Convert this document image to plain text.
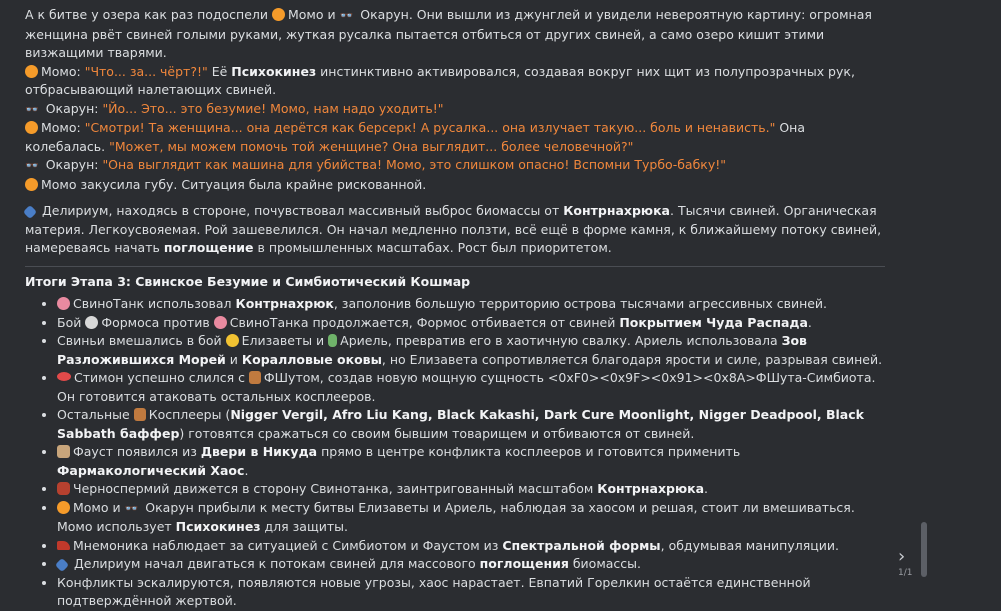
А к битве у озера как раз подоспели Момо и 👓 Окарун. Они вышли из джунглей и увидели невероятную картину: огромная женщина рвёт свиней голыми руками, жуткая русалка пытается отбиться от других свиней, а само озеро кишит этими визжащими тварями.

Момо: "Что... за... чёрт?!" Её Психокинез инстинктивно активировался, создавая вокруг них щит из полупрозрачных рук, отбрасывающий налетающих свиней.

👓 Окарун: "Йо... Это... это безумие! Момо, нам надо уходить!"

Момо: "Смотри! Та женщина... она дерётся как берсерк! А русалка... она излучает такую... боль и ненависть." Она колебалась. "Может, мы можем помочь той женщине? Она выглядит... более человечной?"

👓 Окарун: "Она выглядит как машина для убийства! Момо, это слишком опасно! Вспомни Турбо-бабку!"

Момо закусила губу. Ситуация была крайне рискованной.

Делириум, находясь в стороне, почувствовал массивный выброс биомассы от Контрнахрюка. Тысячи свиней. Органическая материя. Легкоусвояемая. Рой зашевелился. Он начал медленно ползти, всё ещё в форме камня, к ближайшему потоку свиней, намереваясь начать поглощение в промышленных масштабах. Рост был приоритетом.

Итоги Этапа 3: Свинское Безумие и Симбиотический Кошмар
• СвиноТанк использовал Контрнахрюк, заполонив большую территорию острова тысячами агрессивных свиней.
• Бой Формоса против СвиноТанка продолжается, Формос отбивается от свиней Покрытием Чуда Распада.
• Свиньи вмешались в бой Елизаветы и Ариель, превратив его в хаотичную свалку. Ариель использовала Зов Разложившихся Морей и Коралловые оковы, но Елизавета сопротивляется благодаря ярости и силе, разрывая свиней.
• Стимон успешно слился с ФШутом, создав новую мощную сущность <0xF0><0x9F><0x91><0x8A>ФШута-Симбиота. Он готовится атаковать остальных косплееров.
• Остальные Косплееры (Nigger Vergil, Afro Liu Kang, Black Kakashi, Dark Cure Moonlight, Nigger Deadpool, Black Sabbath баффер) готовятся сражаться со своим бывшим товарищем и отбиваются от свиней.
• Фауст появился из Двери в Никуда прямо в центре конфликта косплееров и готовится применить Фармакологический Хаос.
• Черноспермий движется в сторону Свинотанка, заинтригованный масштабом Контрнахрюка.
• Момо и 👓 Окарун прибыли к месту битвы Елизаветы и Ариель, наблюдая за хаосом и решая, стоит ли вмешиваться. Момо использует Психокинез для защиты.
• Мнемоника наблюдает за ситуацией с Симбиотом и Фаустом из Спектральной формы, обдумывая манипуляции.
• Делириум начал двигаться к потокам свиней для массового поглощения биомассы.
• Конфликты эскалируются, появляются новые угрозы, хаос нарастает. Евпатий Горелкин остаётся единственной подтверждённой жертвой.
›
1/1
